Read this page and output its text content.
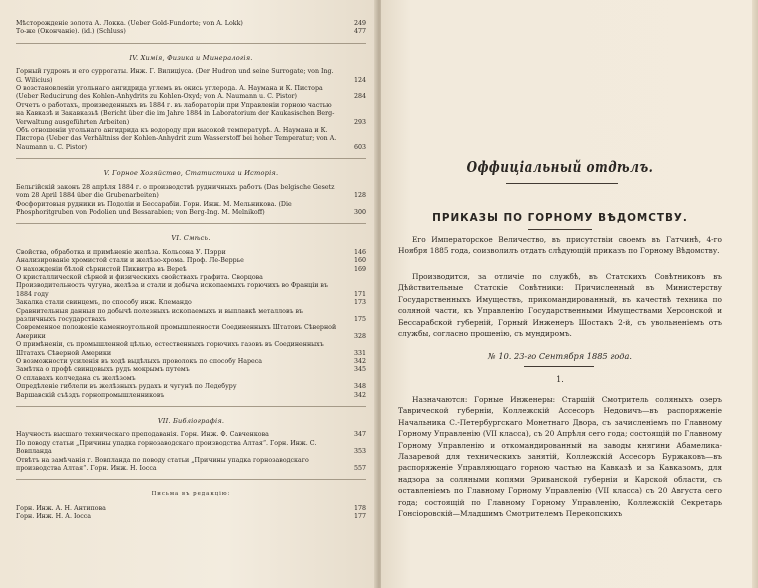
Мѣсторожденіе золота А. Локка. (Ueber Gold-Fundorte; von A. Lokk)	249
То-же (Окончаніе). (id.) (Schluss)	477
IV. Химія, Физика и Минералогія.
Горный гудронъ и его суррогаты. Инж. Г. Вилиціуса. (Der Hudron und seine Surrogate; von Ing. G. Wilicius)	124
О возстановленіи угольнаго ангидрида углемъ въ окись углерода. А. Наумана и К. Пистора (Ueber Reducirung des Kohlen-Anhydrits zu Kohlen-Oxyd; von A. Naumann u. C. Pistor)	284
Отчетъ о работахъ, произведенныхъ въ 1884 г. въ лабораторіи при Управленіи горною частью на Кавказѣ и Закавказьѣ (Bericht über die im Jahre 1884 in Laboratorium der Kaukasischen Berg-Verwaltung ausgeführten Arbeiten)	293
Объ отношеніи угольнаго ангидрида къ водороду при высокой температурѣ. А. Наумана и К. Пистора (Ueber das Verhältniss der Kohlen-Anhydrit zum Wasserstoff bei hoher Temperatur; von A. Naumann u. C. Pistor)	603
V. Горное Хозяйство, Статистика и Исторія.
Бельгійскій законъ 28 апрѣля 1884 г. о производствѣ рудничныхъ работъ (Das belgische Gesetz vom 28 April 1884 über die Grubenarbeiten)	128
Фосфоритовыя рудники въ Подоліи и Бессарабіи. Горн. Инж. М. Мельникова. (Die Phosphoritgruben von Podolien und Bessarabien; von Berg-Ing. M. Melnikoff)	300
VI. Смѣсь.
Свойства, обработка и примѣненіе желѣза. Кольсона У. Пэрри	146
Анализированіе хромистой стали и желѣзо-хрома. Проф. Ле-Веррье	160
О нахожденіи бѣлой сѣрнистой Пиквитра въ Вереѣ	169
О кристаллической сѣрной и физическихъ свойствахъ графита. Сворцова
Производительность чугуна, желѣза и стали и добыча ископаемыхъ горючихъ во Франціи въ 1884 году	171
Закалка стали свинцемъ, по способу инж. Клемандо	173
Сравнительныя данныя по добычѣ полезныхъ ископаемыхъ и выплавкѣ металловъ въ различныхъ государствахъ	175
Современное положеніе каменноугольной промышленности Соединенныхъ Штатовъ Сѣверной Америки	328
О примѣненіи, съ промышленной цѣлью, естественныхъ горючихъ газовъ въ Соединенныхъ Штатахъ Сѣверной Америки	331
О возможности усиленія въ ходѣ выдѣлыхъ проволокъ по способу Нареса	342
Замѣтка о профѣ свинцовыхъ рудъ мокрымъ путемъ	345
О сплавахъ колчедана съ желѣзомъ
Опредѣленіе гиблели въ желѣзныхъ рудахъ и чугунѣ по Ледебуру	348
Варшавскій съѣздъ горнопромышленниковъ	342
VII. Библіографія.
Научность высшаго техническаго преподаванія. Горн. Инж. Ф. Савченкова	347
По поводу статьи „Причины упадка горнозаводскаго производства Алтая“. Горн. Инж. С. Вовпланда	353
Отвѣтъ на замѣчанія г. Вовпланда по поводу статьи „Причины упадка горнозаводскаго производства Алтая“. Горн. Инж. Н. Іосса	557
Письма въ редакцію:
Горн. Инж. А. Н. Антипова	178
Горн. Инж. Н. А. Іосса	177
Оффиціальный отдѣлъ.
ПРИКАЗЫ ПО ГОРНОМУ ВѢДОМСТВУ.
Его Императорское Величество, въ присутствіи своемъ въ Гатчинѣ, 4-го Ноября 1885 года, соизволилъ отдать слѣдующій приказъ по Горному Вѣдомству.
Производится, за отличіе по службѣ, въ Статскихъ Совѣтниковъ въ Дѣйствительные Статскіе Совѣтники: Причисленный въ Министерству Государственныхъ Имуществъ, прикомандированный, въ качествѣ техника по соляной части, къ Управленію Государственными Имуществами Херсонской и Бессарабской губерній, Горный Инженеръ Шостакъ 2-й, съ увольненіемъ отъ службы, согласно прошенію, съ мундиромъ.
№ 10. 23-го Сентября 1885 года.
1.
Назначаются: Горные Инженеры: Старшій Смотритель соляныхъ озеръ Таврической губерніи, Коллежскій Ассесоръ Недовичъ—въ распоряженіе Начальника С.-Петербургскаго Монетнаго Двора, съ зачисленіемъ по Главному Горному Управленію (VII класса), съ 20 Апрѣля сего года; состоящій по Главному Горному Управленію и откомандированный на заводы княгини Абамелика-Лазаревой для техническихъ занятій, Коллежскій Ассесоръ Буржаковъ—въ распоряженіе Управляющаго горною частью на Кавказѣ и за Кавказомъ, для надзора за соляными копями Эриванской губерніи и Карской области, съ оставленіемъ по Главному Горному Управленію (VII класса) съ 20 Августа сего года; состоящій по Главному Горному Управленію, Коллежскій Секретарь Гонсіоровскій—Младшимъ Смотрителемъ Перекопскихъ
